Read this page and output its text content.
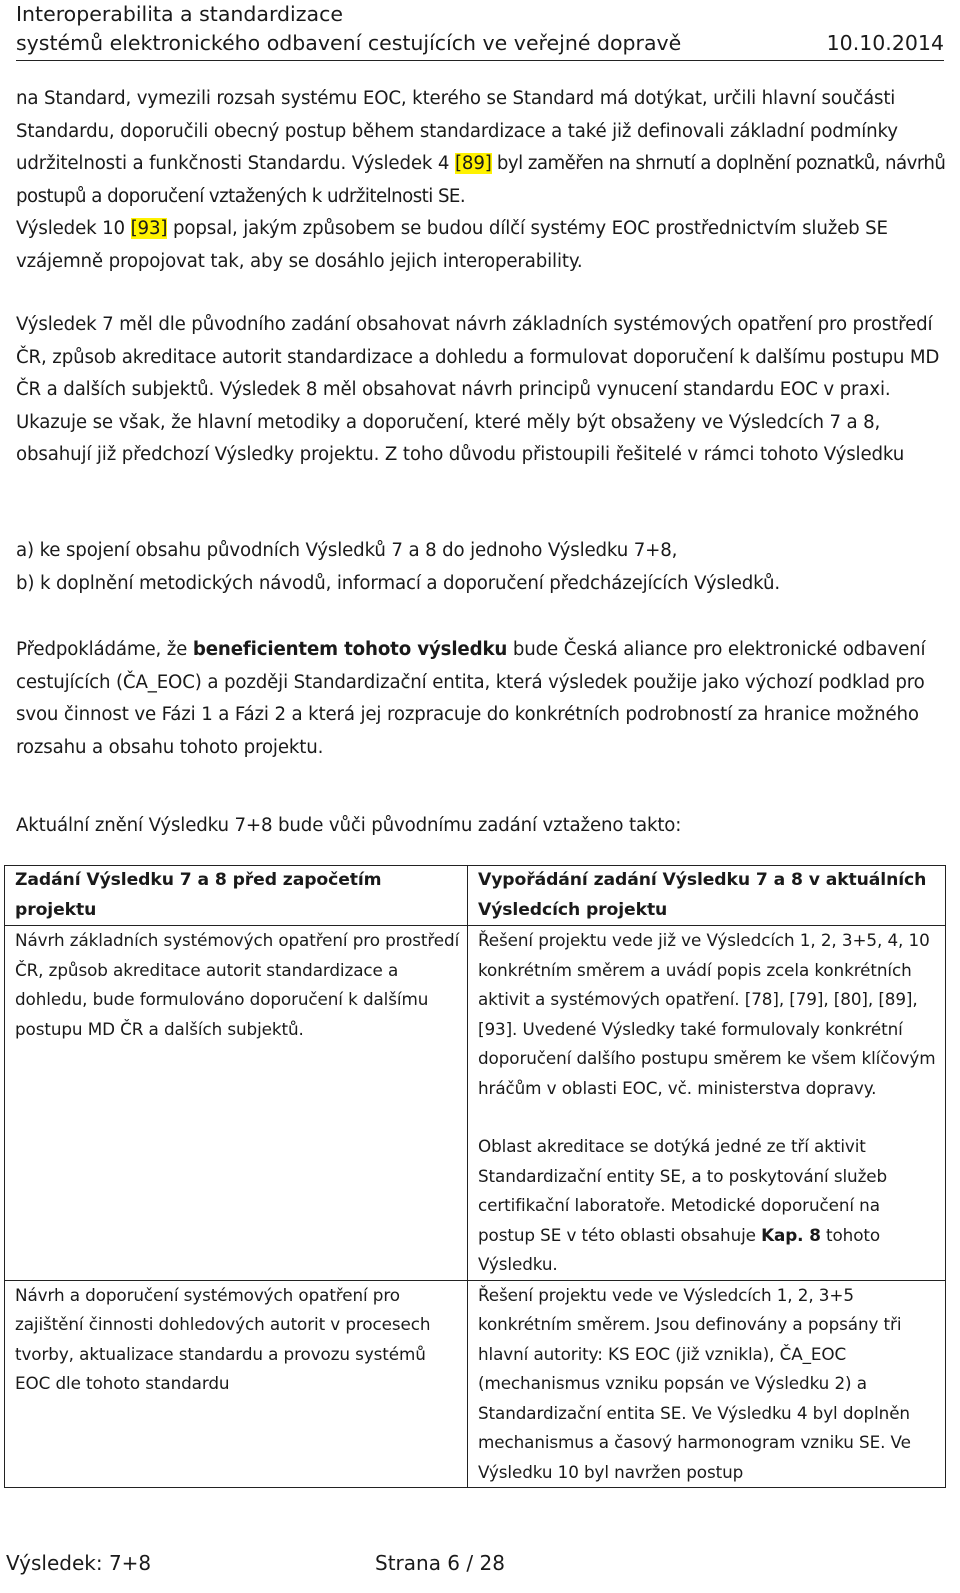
Interoperabilita a standardizace
systémů elektronického odbavení cestujících ve veřejné dopravě	10.10.2014
na Standard, vymezili rozsah systému EOC, kterého se Standard má dotýkat, určili hlavní součásti Standardu, doporučili obecný postup během standardizace a také již definovali základní podmínky udržitelnosti a funkčnosti Standardu. Výsledek 4 [89] byl zaměřen na shrnutí a doplnění poznatků, návrhů postupů a doporučení vztažených k udržitelnosti SE.
Výsledek 10 [93] popsal, jakým způsobem se budou dílčí systémy EOC prostřednictvím služeb SE vzájemně propojovat tak, aby se dosáhlo jejich interoperability.
Výsledek 7 měl dle původního zadání obsahovat návrh základních systémových opatření pro prostředí ČR, způsob akreditace autorit standardizace a dohledu a formulovat doporučení k dalšímu postupu MD ČR a dalších subjektů. Výsledek 8 měl obsahovat návrh principů vynucení standardu EOC v praxi. Ukazuje se však, že hlavní metodiky a doporučení, které měly být obsaženy ve Výsledcích 7 a 8, obsahují již předchozí Výsledky projektu. Z toho důvodu přistoupili řešitelé v rámci tohoto Výsledku
a) ke spojení obsahu původních Výsledků 7 a 8 do jednoho Výsledku 7+8,
b) k doplnění metodických návodů, informací a doporučení předcházejících Výsledků.
Předpokládáme, že beneficientem tohoto výsledku bude Česká aliance pro elektronické odbavení cestujících (ČA_EOC) a později Standardizační entita, která výsledek použije jako výchozí podklad pro svou činnost ve Fázi 1 a Fázi 2 a která jej rozpracuje do konkrétních podrobností za hranice možného rozsahu a obsahu tohoto projektu.
Aktuální znění Výsledku 7+8 bude vůči původnímu zadání vztaženo takto:
Zadání Výsledku 7 a 8 před započetím projektu	Vypořádání zadání Výsledku 7 a 8 v aktuálních Výsledcích projektu
Návrh základních systémových opatření pro prostředí ČR, způsob akreditace autorit standardizace a dohledu, bude formulováno doporučení k dalšímu postupu MD ČR a dalších subjektů.	Řešení projektu vede již ve Výsledcích 1, 2, 3+5, 4, 10 konkrétním směrem a uvádí popis zcela konkrétních aktivit a systémových opatření. [78], [79], [80], [89], [93]. Uvedené Výsledky také formulovaly konkrétní doporučení dalšího postupu směrem ke všem klíčovým hráčům v oblasti EOC, vč. ministerstva dopravy.
Oblast akreditace se dotýká jedné ze tří aktivit Standardizační entity SE, a to poskytování služeb certifikační laboratoře. Metodické doporučení na postup SE v této oblasti obsahuje Kap. 8 tohoto Výsledku.

Návrh a doporučení systémových opatření pro zajištění činnosti dohledových autorit v procesech tvorby, aktualizace standardu a provozu systémů EOC dle tohoto standardu	Řešení projektu vede ve Výsledcích 1, 2, 3+5 konkrétním směrem. Jsou definovány a popsány tři hlavní autority: KS EOC (již vznikla), ČA_EOC (mechanismus vzniku popsán ve Výsledku 2) a Standardizační entita SE. Ve Výsledku 4 byl doplněn mechanismus a časový harmonogram vzniku SE. Ve Výsledku 10 byl navržen postup
Výsledek: 7+8	Strana 6 / 28
